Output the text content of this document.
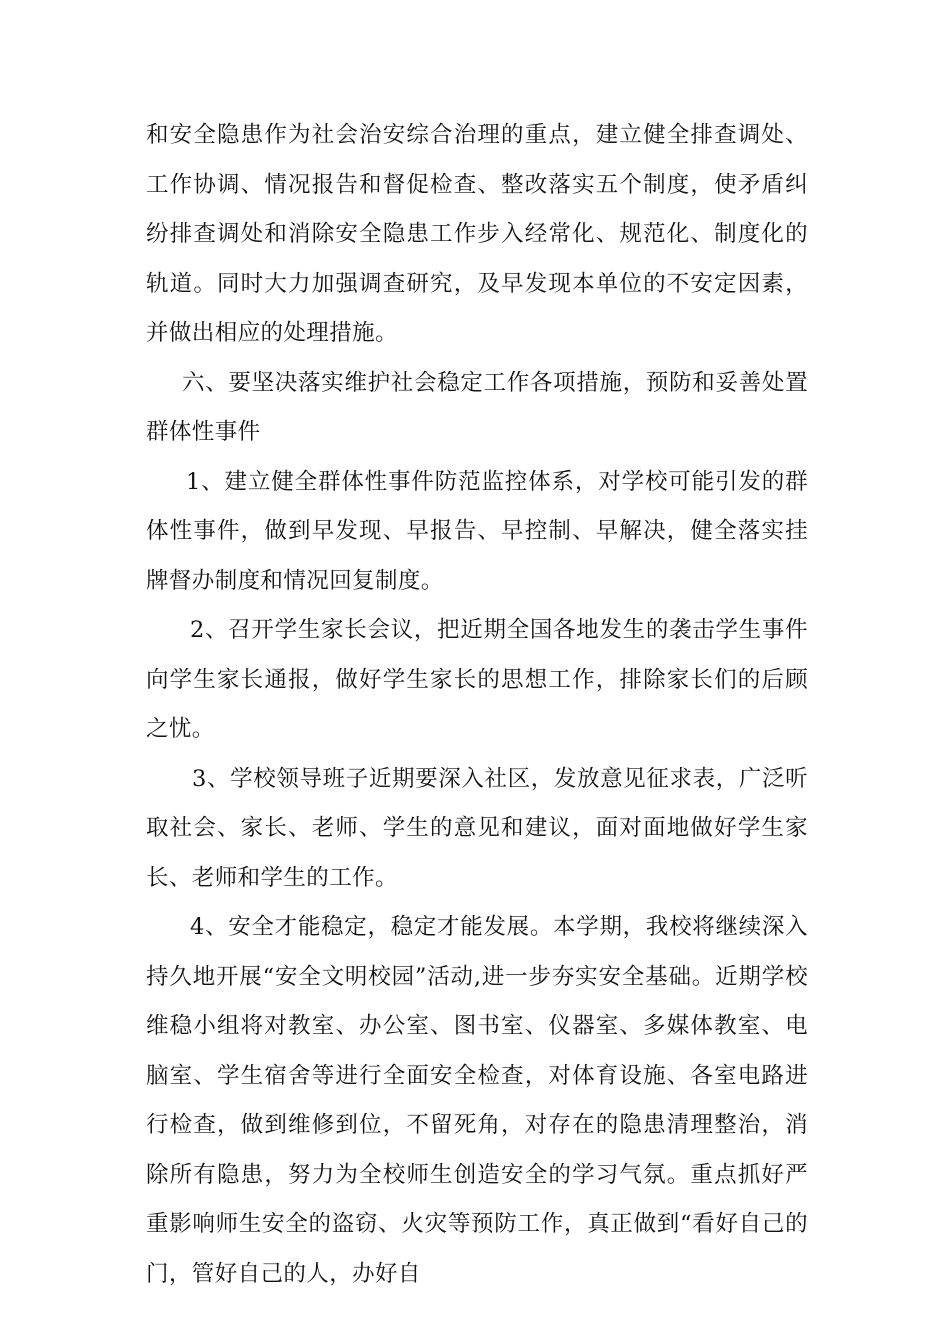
和安全隐患作为社会治安综合治理的重点，建立健全排查调处、工作协调、情况报告和督促检查、整改落实五个制度，使矛盾纠纷排查调处和消除安全隐患工作步入经常化、规范化、制度化的轨道。同时大力加强调查研究，及早发现本单位的不安定因素，并做出相应的处理措施。

六、要坚决落实维护社会稳定工作各项措施，预防和妥善处置群体性事件

1、建立健全群体性事件防范监控体系，对学校可能引发的群体性事件，做到早发现、早报告、早控制、早解决，健全落实挂牌督办制度和情况回复制度。

2、召开学生家长会议，把近期全国各地发生的袭击学生事件向学生家长通报，做好学生家长的思想工作，排除家长们的后顾之忧。

3、学校领导班子近期要深入社区，发放意见征求表，广泛听取社会、家长、老师、学生的意见和建议，面对面地做好学生家长、老师和学生的工作。

4、安全才能稳定，稳定才能发展。本学期，我校将继续深入持久地开展“安全文明校园”活动,进一步夯实安全基础。近期学校维稳小组将对教室、办公室、图书室、仪器室、多媒体教室、电脑室、学生宿舍等进行全面安全检查，对体育设施、各室电路进行检查，做到维修到位，不留死角，对存在的隐患清理整治，消除所有隐患，努力为全校师生创造安全的学习气氛。重点抓好严重影响师生安全的盗窃、火灾等预防工作，真正做到“看好自己的门，管好自己的人，办好自
